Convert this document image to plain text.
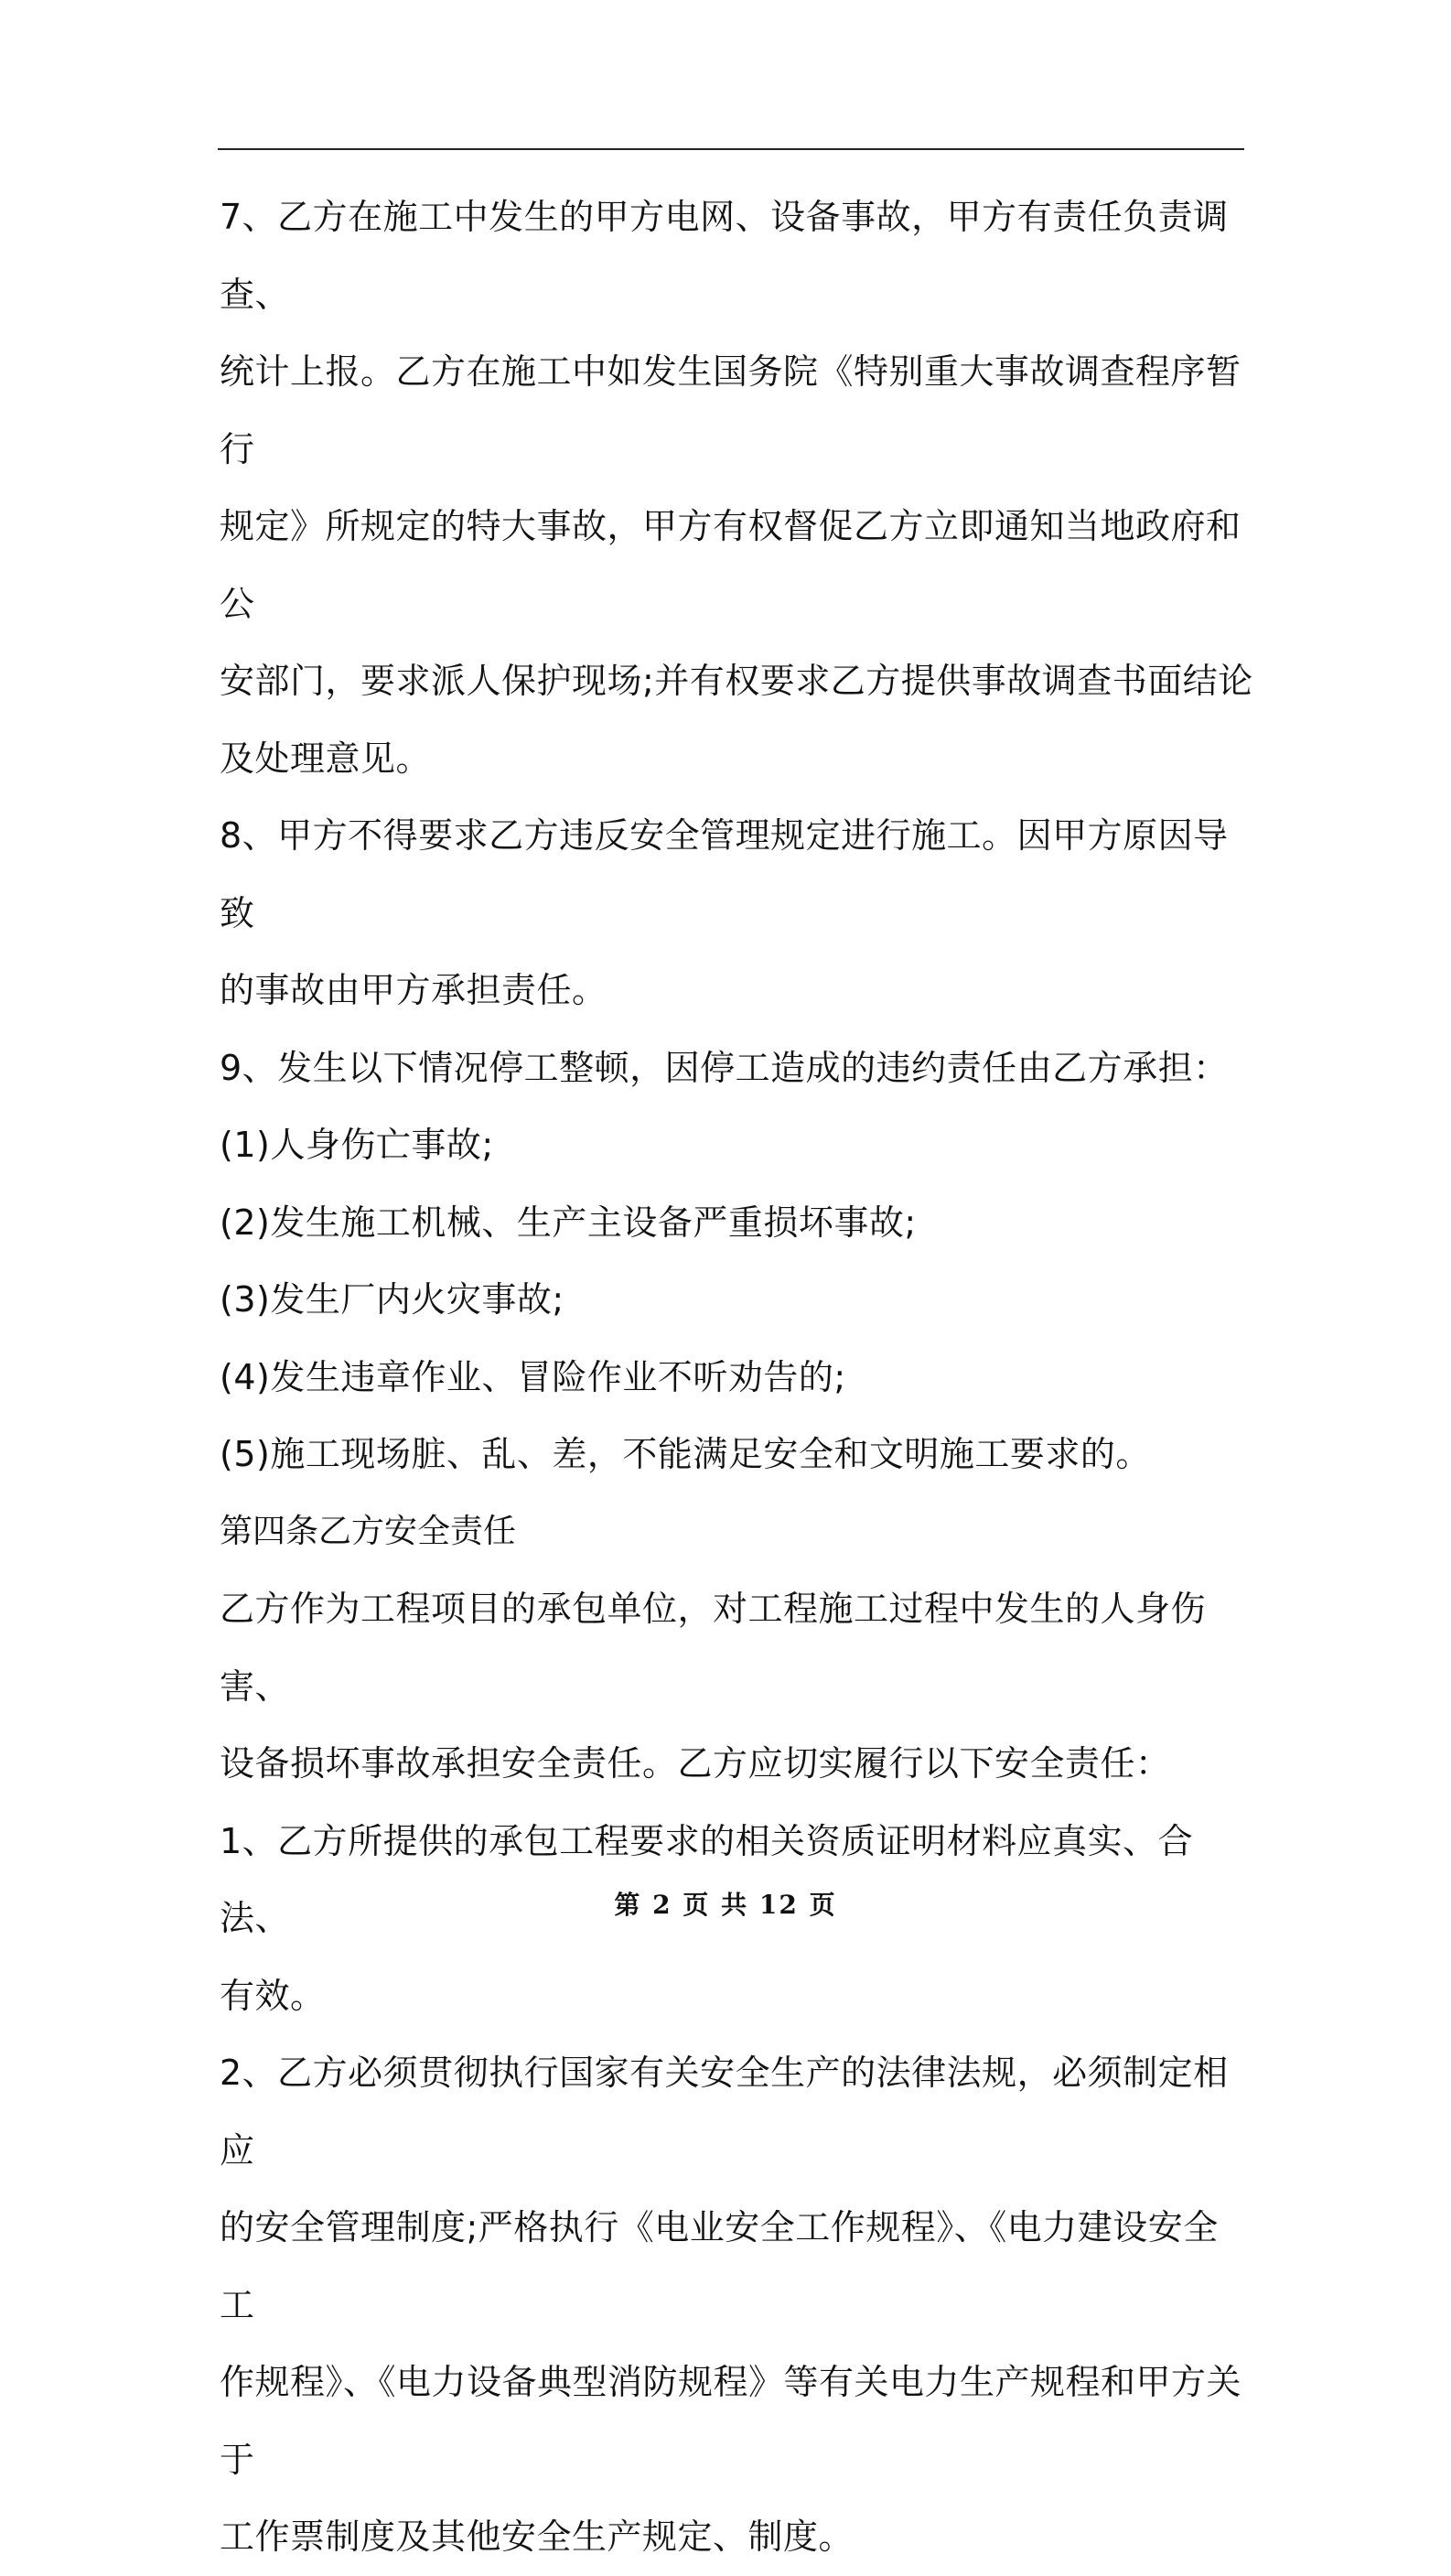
7、乙方在施工中发生的甲方电网、设备事故，甲方有责任负责调查、

统计上报。乙方在施工中如发生国务院《特别重大事故调查程序暂行

规定》所规定的特大事故，甲方有权督促乙方立即通知当地政府和公

安部门，要求派人保护现场;并有权要求乙方提供事故调查书面结论

及处理意见。

8、甲方不得要求乙方违反安全管理规定进行施工。因甲方原因导致

的事故由甲方承担责任。

9、发生以下情况停工整顿，因停工造成的违约责任由乙方承担：

(1)人身伤亡事故;

(2)发生施工机械、生产主设备严重损坏事故;

(3)发生厂内火灾事故;

(4)发生违章作业、冒险作业不听劝告的;

(5)施工现场脏、乱、差，不能满足安全和文明施工要求的。

第四条乙方安全责任

乙方作为工程项目的承包单位，对工程施工过程中发生的人身伤害、

设备损坏事故承担安全责任。乙方应切实履行以下安全责任：

1、乙方所提供的承包工程要求的相关资质证明材料应真实、合法、

有效。

2、乙方必须贯彻执行国家有关安全生产的法律法规，必须制定相应

的安全管理制度;严格执行《电业安全工作规程》、《电力建设安全工

作规程》、《电力设备典型消防规程》等有关电力生产规程和甲方关于

工作票制度及其他安全生产规定、制度。

第 2 页 共 12 页
